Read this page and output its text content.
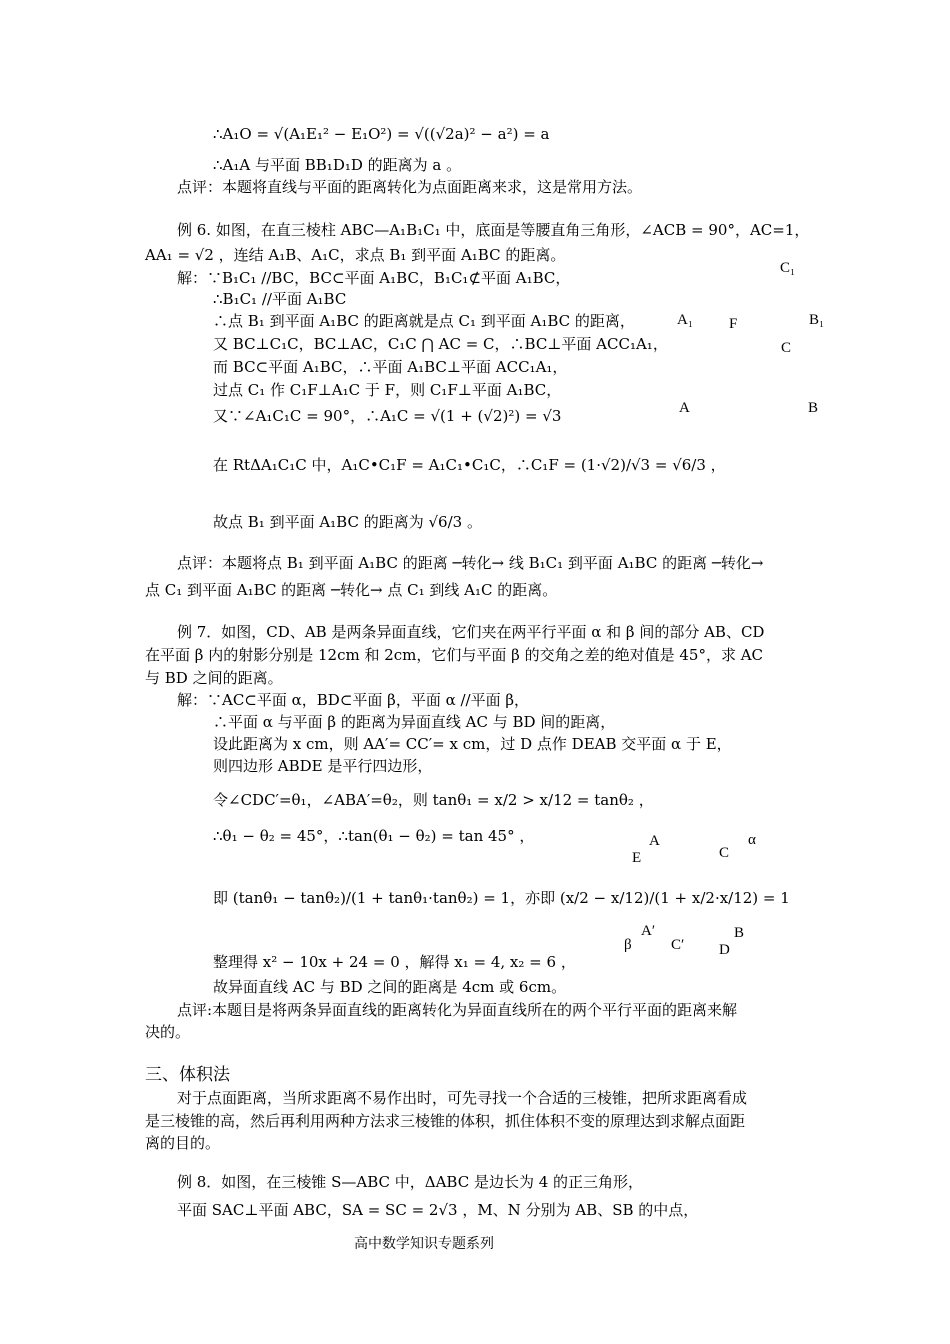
∴A₁O = √(A₁E₁² − E₁O²) = √((√2a)² − a²) = a
∴A₁A 与平面 BB₁D₁D 的距离为 a 。
点评：本题将直线与平面的距离转化为点面距离来求，这是常用方法。
例 6. 如图，在直三棱柱 ABC—A₁B₁C₁ 中，底面是等腰直角三角形，∠ACB = 90°，AC=1，
AA₁ = √2 ，连结 A₁B、A₁C，求点 B₁ 到平面 A₁BC 的距离。
解：∵B₁C₁ //BC，BC⊂平面 A₁BC，B₁C₁⊄平面 A₁BC，
∴B₁C₁ //平面 A₁BC
∴点 B₁ 到平面 A₁BC 的距离就是点 C₁ 到平面 A₁BC 的距离，
又 BC⊥C₁C，BC⊥AC，C₁C ⋂ AC = C，∴BC⊥平面 ACC₁A₁，
而 BC⊂平面 A₁BC，∴平面 A₁BC⊥平面 ACC₁A₁，
过点 C₁ 作 C₁F⊥A₁C 于 F，则 C₁F⊥平面 A₁BC，
又∵∠A₁C₁C = 90°，∴A₁C = √(1 + (√2)²) = √3
在 RtΔA₁C₁C 中，A₁C•C₁F = A₁C₁•C₁C，∴C₁F = (1·√2)/√3 = √6/3 ，
故点 B₁ 到平面 A₁BC 的距离为 √6/3 。
点评：本题将点 B₁ 到平面 A₁BC 的距离 ─转化→ 线 B₁C₁ 到平面 A₁BC 的距离 ─转化→
点 C₁ 到平面 A₁BC 的距离 ─转化→ 点 C₁ 到线 A₁C 的距离。
例 7．如图，CD、AB 是两条异面直线，它们夹在两平行平面 α 和 β 间的部分 AB、CD
在平面 β 内的射影分别是 12cm 和 2cm，它们与平面 β 的交角之差的绝对值是 45°，求 AC
与 BD 之间的距离。
解：∵AC⊂平面 α，BD⊂平面 β，平面 α //平面 β，
∴平面 α 与平面 β 的距离为异面直线 AC 与 BD 间的距离，
设此距离为 x cm，则 AA′= CC′= x cm，过 D 点作 DEAB 交平面 α 于 E，
则四边形 ABDE 是平行四边形，
令∠CDC′=θ₁，∠ABA′=θ₂，则 tanθ₁ = x/2 > x/12 = tanθ₂ ，
∴θ₁ − θ₂ = 45°，∴tan(θ₁ − θ₂) = tan 45° ，
即 (tanθ₁ − tanθ₂)/(1 + tanθ₁·tanθ₂) = 1，亦即 (x/2 − x/12)/(1 + x/2·x/12) = 1
整理得 x² − 10x + 24 = 0 ，解得 x₁ = 4, x₂ = 6 ，
故异面直线 AC 与 BD 之间的距离是 4cm 或 6cm。
点评:本题目是将两条异面直线的距离转化为异面直线所在的两个平行平面的距离来解
决的。
对于点面距离，当所求距离不易作出时，可先寻找一个合适的三棱锥，把所求距离看成
是三棱锥的高，然后再利用两种方法求三棱锥的体积，抓住体积不变的原理达到求解点面距
离的目的。
例 8．如图，在三棱锥 S—ABC 中，ΔABC 是边长为 4 的正三角形，
平面 SAC⊥平面 ABC，SA = SC = 2√3 ，M、N 分别为 AB、SB 的中点，
三、体积法
C₁
A₁ F	B₁
C
A	B
A	α
E	C
A′	B
β	C′ D
高中数学知识专题系列
